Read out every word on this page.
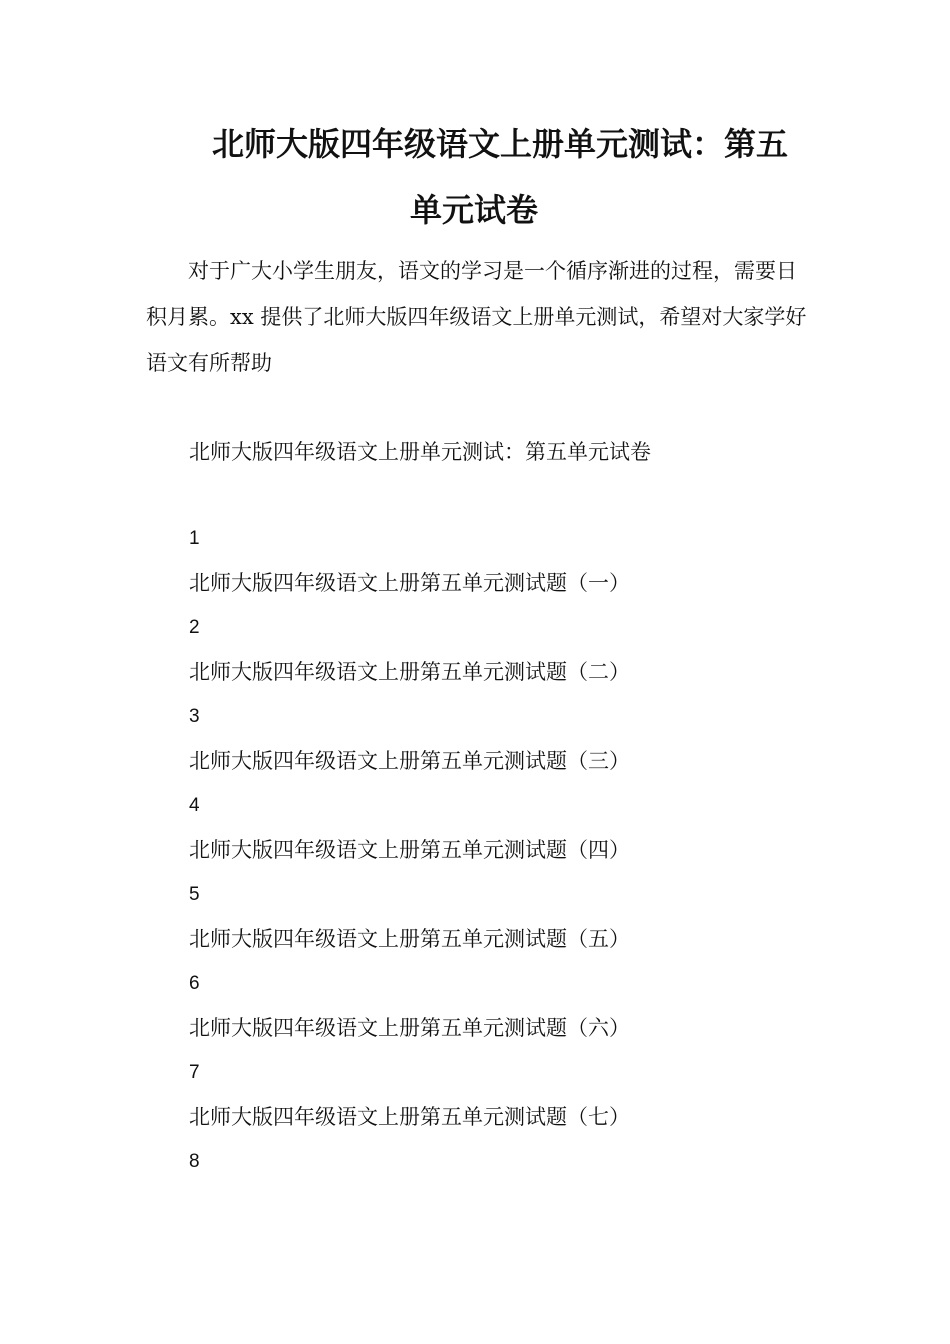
北师大版四年级语文上册单元测试：第五
单元试卷

对于广大小学生朋友，语文的学习是一个循序渐进的过程，需要日积月累。xx 提供了北师大版四年级语文上册单元测试，希望对大家学好语文有所帮助

北师大版四年级语文上册单元测试：第五单元试卷
1
北师大版四年级语文上册第五单元测试题（一）
2
北师大版四年级语文上册第五单元测试题（二）
3
北师大版四年级语文上册第五单元测试题（三）
4
北师大版四年级语文上册第五单元测试题（四）
5
北师大版四年级语文上册第五单元测试题（五）
6
北师大版四年级语文上册第五单元测试题（六）
7
北师大版四年级语文上册第五单元测试题（七）
8
